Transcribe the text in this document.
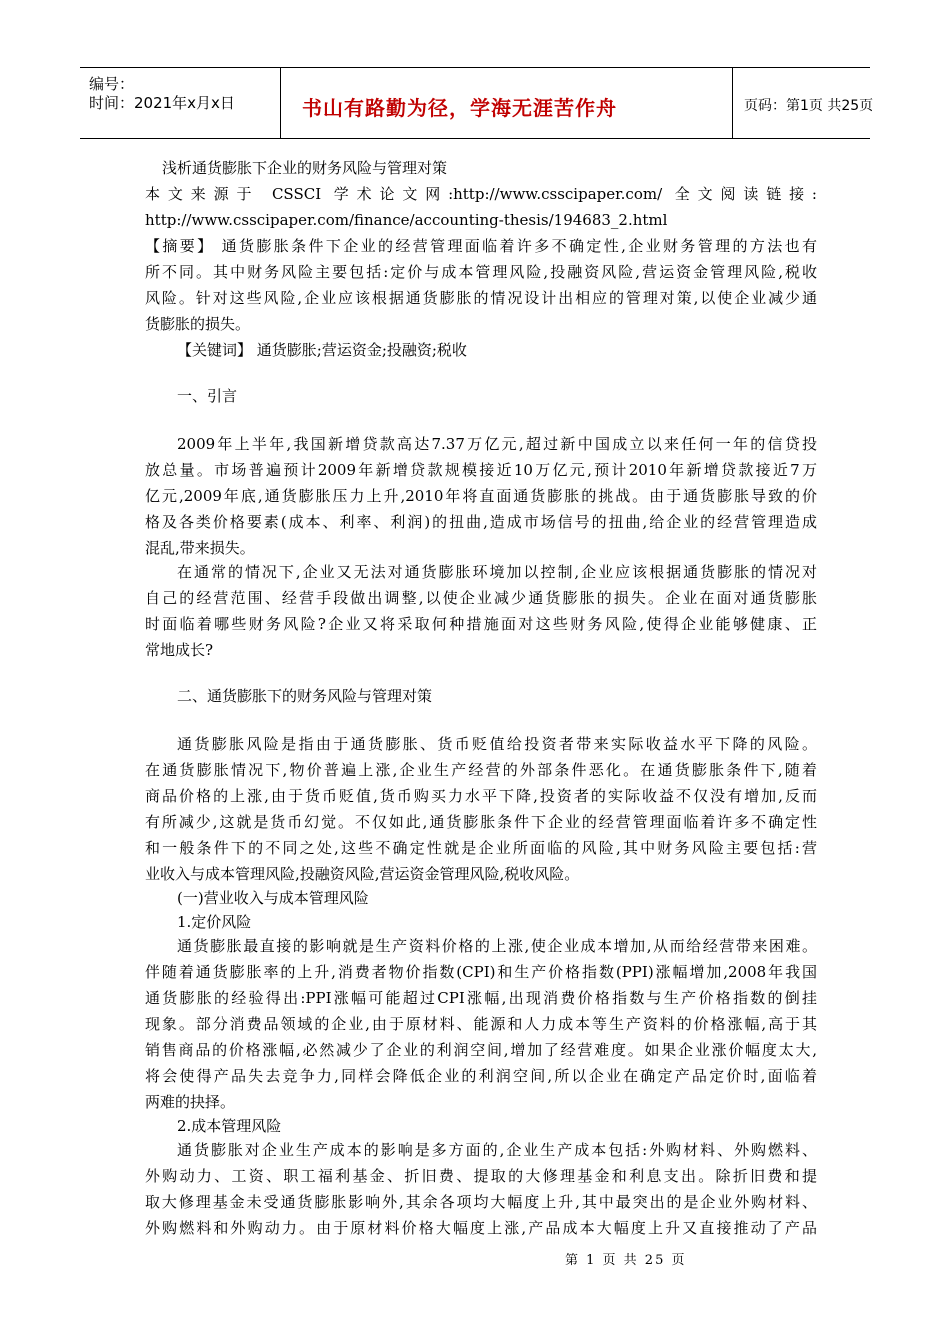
编号：
时间：2021年x月x日	书山有路勤为径，学海无涯苦作舟	页码：第1页 共25页
浅析通货膨胀下企业的财务风险与管理对策
本文来源于 CSSCI 学术论文网:http://www.csscipaper.com/ 全文阅读链接:
http://www.csscipaper.com/finance/accounting-thesis/194683_2.html
【摘要】 通货膨胀条件下企业的经营管理面临着许多不确定性,企业财务管理的方法也有
所不同。其中财务风险主要包括:定价与成本管理风险,投融资风险,营运资金管理风险,税收
风险。针对这些风险,企业应该根据通货膨胀的情况设计出相应的管理对策,以使企业减少通
货膨胀的损失。
【关键词】 通货膨胀;营运资金;投融资;税收
一、引言
2009年上半年,我国新增贷款高达7.37万亿元,超过新中国成立以来任何一年的信贷投
放总量。市场普遍预计2009年新增贷款规模接近10万亿元,预计2010年新增贷款接近7万
亿元,2009年底,通货膨胀压力上升,2010年将直面通货膨胀的挑战。由于通货膨胀导致的价
格及各类价格要素(成本、利率、利润)的扭曲,造成市场信号的扭曲,给企业的经营管理造成
混乱,带来损失。
在通常的情况下,企业又无法对通货膨胀环境加以控制,企业应该根据通货膨胀的情况对
自己的经营范围、经营手段做出调整,以使企业减少通货膨胀的损失。企业在面对通货膨胀
时面临着哪些财务风险?企业又将采取何种措施面对这些财务风险,使得企业能够健康、正
常地成长?
二、通货膨胀下的财务风险与管理对策
通货膨胀风险是指由于通货膨胀、货币贬值给投资者带来实际收益水平下降的风险。
在通货膨胀情况下,物价普遍上涨,企业生产经营的外部条件恶化。在通货膨胀条件下,随着
商品价格的上涨,由于货币贬值,货币购买力水平下降,投资者的实际收益不仅没有增加,反而
有所减少,这就是货币幻觉。不仅如此,通货膨胀条件下企业的经营管理面临着许多不确定性
和一般条件下的不同之处,这些不确定性就是企业所面临的风险,其中财务风险主要包括:营
业收入与成本管理风险,投融资风险,营运资金管理风险,税收风险。
(一)营业收入与成本管理风险
1.定价风险
通货膨胀最直接的影响就是生产资料价格的上涨,使企业成本增加,从而给经营带来困难。
伴随着通货膨胀率的上升,消费者物价指数(CPI)和生产价格指数(PPI)涨幅增加,2008年我国
通货膨胀的经验得出:PPI涨幅可能超过CPI涨幅,出现消费价格指数与生产价格指数的倒挂
现象。部分消费品领域的企业,由于原材料、能源和人力成本等生产资料的价格涨幅,高于其
销售商品的价格涨幅,必然减少了企业的利润空间,增加了经营难度。如果企业涨价幅度太大,
将会使得产品失去竞争力,同样会降低企业的利润空间,所以企业在确定产品定价时,面临着
两难的抉择。
2.成本管理风险
通货膨胀对企业生产成本的影响是多方面的,企业生产成本包括:外购材料、外购燃料、
外购动力、工资、职工福利基金、折旧费、提取的大修理基金和利息支出。除折旧费和提
取大修理基金未受通货膨胀影响外,其余各项均大幅度上升,其中最突出的是企业外购材料、
外购燃料和外购动力。由于原材料价格大幅度上涨,产品成本大幅度上升又直接推动了产品
第 1 页 共 25 页
